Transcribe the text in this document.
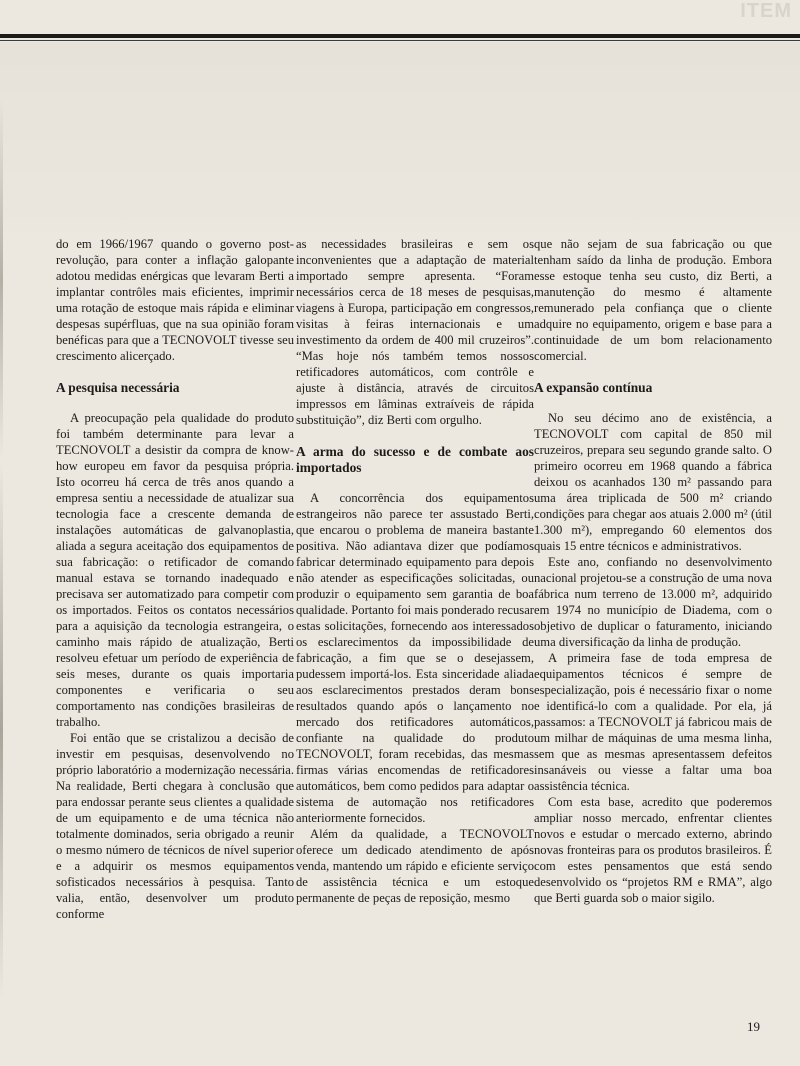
ITEM

do em 1966/1967 quando o governo post-revolução, para conter a inflação galopante adotou medidas enérgicas que levaram Berti a implantar contrôles mais eficientes, imprimir uma rotação de estoque mais rápida e eliminar despesas supérfluas, que na sua opinião foram benéficas para que a TECNOVOLT tivesse seu crescimento alicerçado.

A pesquisa necessária

A preocupação pela qualidade do produto foi também determinante para levar a TECNOVOLT a desistir da compra de know-how europeu em favor da pesquisa própria. Isto ocorreu há cerca de três anos quando a empresa sentiu a necessidade de atualizar sua tecnologia face a crescente demanda de instalações automáticas de galvanoplastia, aliada a segura aceitação dos equipamentos de sua fabricação: o retificador de comando manual estava se tornando inadequado e precisava ser automatizado para competir com os importados. Feitos os contatos necessários para a aquisição da tecnologia estrangeira, o caminho mais rápido de atualização, Berti resolveu efetuar um período de experiência de seis meses, durante os quais importaria componentes e verificaria o seu comportamento nas condições brasileiras de trabalho.

Foi então que se cristalizou a decisão de investir em pesquisas, desenvolvendo no próprio laboratório a modernização necessária. Na realidade, Berti chegara à conclusão que para endossar perante seus clientes a qualidade de um equipamento e de uma técnica não totalmente dominados, seria obrigado a reunir o mesmo número de técnicos de nível superior e a adquirir os mesmos equipamentos sofisticados necessários à pesquisa. Tanto valia, então, desenvolver um produto conforme

as necessidades brasileiras e sem os inconvenientes que a adaptação de material importado sempre apresenta. “Foram necessários cerca de 18 meses de pesquisas, viagens à Europa, participação em congressos, visitas à feiras internacionais e um investimento da ordem de 400 mil cruzeiros”. “Mas hoje nós também temos nossos retificadores automáticos, com contrôle e ajuste à distância, através de circuitos impressos em lâminas extraíveis de rápida substituição”, diz Berti com orgulho.

A arma do sucesso e de combate aos importados

A concorrência dos equipamentos estrangeiros não parece ter assustado Berti, que encarou o problema de maneira bastante positiva. Não adiantava dizer que podíamos fabricar determinado equipamento para depois não atender as especificações solicitadas, ou produzir o equipamento sem garantia de boa qualidade. Portanto foi mais ponderado recusar estas solicitações, fornecendo aos interessados os esclarecimentos da impossibilidade de fabricação, a fim que se o desejassem, pudessem importá-los. Esta sinceridade aliada aos esclarecimentos prestados deram bons resultados quando após o lançamento no mercado dos retificadores automáticos, confiante na qualidade do produto TECNOVOLT, foram recebidas, das mesmas firmas várias encomendas de retificadores automáticos, bem como pedidos para adaptar o sistema de automação nos retificadores anteriormente fornecidos.

Além da qualidade, a TECNOVOLT oferece um dedicado atendimento de após venda, mantendo um rápido e eficiente serviço de assistência técnica e um estoque permanente de peças de reposição, mesmo

que não sejam de sua fabricação ou que tenham saído da linha de produção. Embora esse estoque tenha seu custo, diz Berti, a manutenção do mesmo é altamente remunerado pela confiança que o cliente adquire no equipamento, origem e base para a continuidade de um bom relacionamento comercial.

A expansão contínua

No seu décimo ano de existência, a TECNOVOLT com capital de 850 mil cruzeiros, prepara seu segundo grande salto. O primeiro ocorreu em 1968 quando a fábrica deixou os acanhados 130 m² passando para uma área triplicada de 500 m² criando condições para chegar aos atuais 2.000 m² (útil 1.300 m²), empregando 60 elementos dos quais 15 entre técnicos e administrativos.

Este ano, confiando no desenvolvimento nacional projetou-se a construção de uma nova fábrica num terreno de 13.000 m², adquirido em 1974 no município de Diadema, com o objetivo de duplicar o faturamento, iniciando uma diversificação da linha de produção.

A primeira fase de toda empresa de equipamentos técnicos é sempre de especialização, pois é necessário fixar o nome e identificá-lo com a qualidade. Por ela, já passamos: a TECNOVOLT já fabricou mais de um milhar de máquinas de uma mesma linha, sem que as mesmas apresentassem defeitos insanáveis ou viesse a faltar uma boa assistência técnica.

Com esta base, acredito que poderemos ampliar nosso mercado, enfrentar clientes novos e estudar o mercado externo, abrindo novas fronteiras para os produtos brasileiros. É com estes pensamentos que está sendo desenvolvido os “projetos RM e RMA”, algo que Berti guarda sob o maior sigilo.

19
